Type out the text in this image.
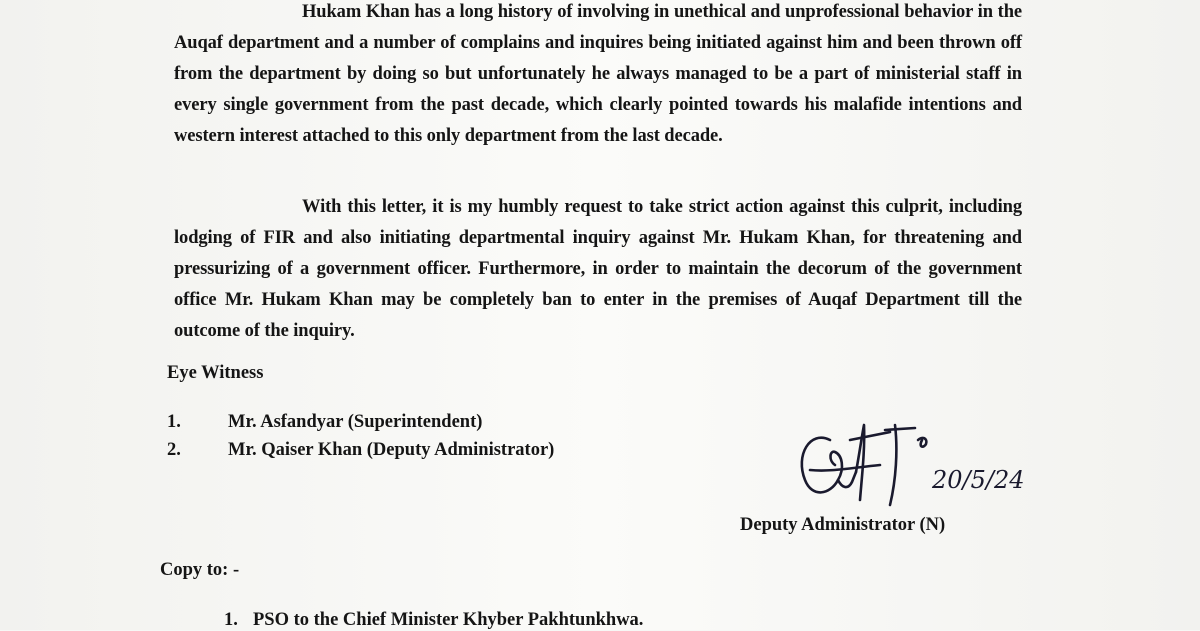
Hukam Khan has a long history of involving in unethical and unprofessional behavior in the Auqaf department and a number of complains and inquires being initiated against him and been thrown off from the department by doing so but unfortunately he always managed to be a part of ministerial staff in every single government from the past decade, which clearly pointed towards his malafide intentions and western interest attached to this only department from the last decade.
With this letter, it is my humbly request to take strict action against this culprit, including lodging of FIR and also initiating departmental inquiry against Mr. Hukam Khan, for threatening and pressurizing of a government officer. Furthermore, in order to maintain the decorum of the government office Mr. Hukam Khan may be completely ban to enter in the premises of Auqaf Department till the outcome of the inquiry.
Eye Witness
1.	Mr. Asfandyar (Superintendent)
2.	Mr. Qaiser Khan (Deputy Administrator)
20/5/24
Deputy Administrator (N)
Copy to: -
1. PSO to the Chief Minister Khyber Pakhtunkhwa.
